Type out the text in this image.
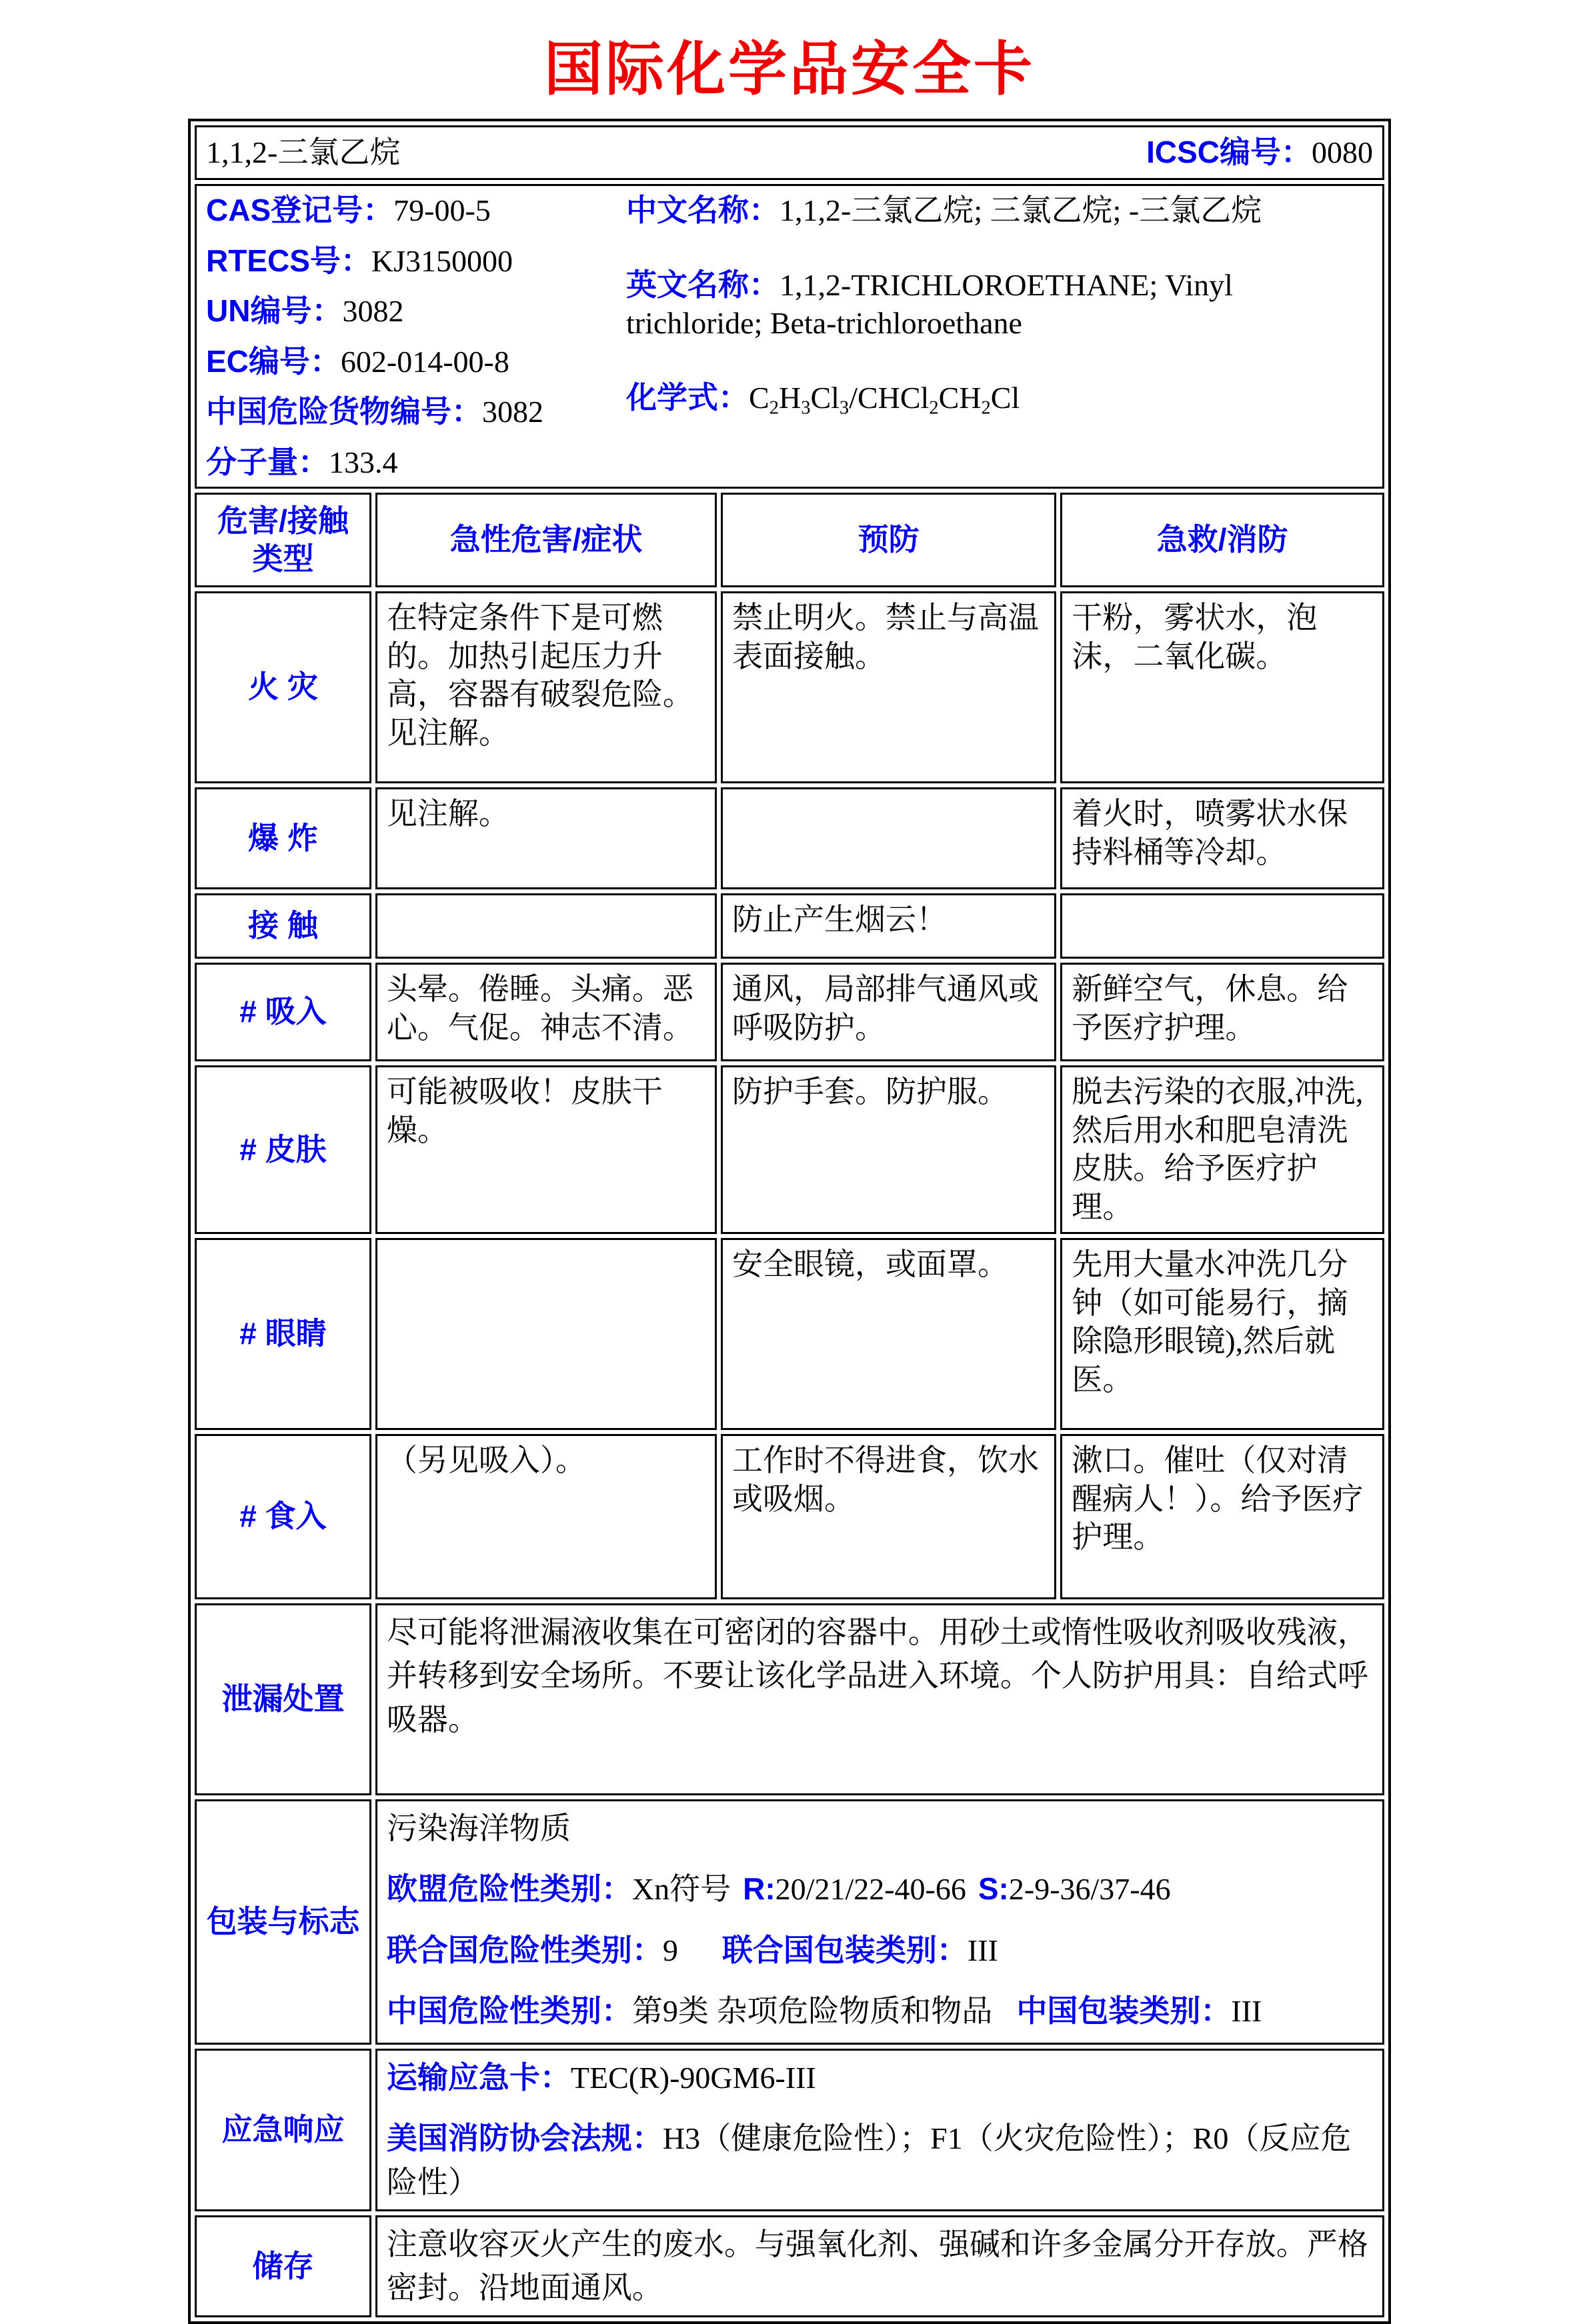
国际化学品安全卡
1,1,2-三氯乙烷 ICSC编号：0080			

CAS登记号：79-00-5
RTECS号：KJ3150000
UN编号：3082
EC编号：602-014-00-8
中国危险货物编号：3082
分子量：133.4

中文名称：1,1,2-三氯乙烷; 三氯乙烷; -三氯乙烷

英文名称：1,1,2-TRICHLOROETHANE; Vinyl trichloride; Beta-trichloroethane

化学式：$C_2H_3Cl_3/CHCl_2CH_2Cl$

危害/接触
类型	急性危害/症状	预防	急救/消防
火 灾	在特定条件下是可燃的。加热引起压力升高，容器有破裂危险。见注解。	禁止明火。禁止与高温表面接触。	干粉，雾状水，泡沫，二氧化碳。
爆 炸	见注解。		着火时，喷雾状水保持料桶等冷却。
接 触		防止产生烟云！	
# 吸入	头晕。倦睡。头痛。恶心。气促。神志不清。	通风，局部排气通风或呼吸防护。	新鲜空气，休息。给予医疗护理。
# 皮肤	可能被吸收！皮肤干燥。	防护手套。防护服。	脱去污染的衣服,冲洗,然后用水和肥皂清洗皮肤。给予医疗护理。
# 眼睛		安全眼镜，或面罩。	先用大量水冲洗几分钟（如可能易行，摘除隐形眼镜),然后就医。
# 食入	（另见吸入）。	工作时不得进食，饮水或吸烟。	漱口。催吐（仅对清醒病人！）。给予医疗护理。
泄漏处置	尽可能将泄漏液收集在可密闭的容器中。用砂土或惰性吸收剂吸收残液，并转移到安全场所。不要让该化学品进入环境。个人防护用具：自给式呼吸器。		
包装与标志	污染海洋物质

欧盟危险性类别：Xn符号 R:20/21/22-40-66 S:2-9-36/37-46

联合国危险性类别：9 联合国包装类别：III

中国危险性类别：第9类 杂项危险物质和物品 中国包装类别：III		

应急响应	运输应急卡：TEC(R)-90GM6-III

美国消防协会法规：H3（健康危险性）；F1（火灾危险性）；R0（反应危险性）		

储存	注意收容灭火产生的废水。与强氧化剂、强碱和许多金属分开存放。严格密封。沿地面通风。		
